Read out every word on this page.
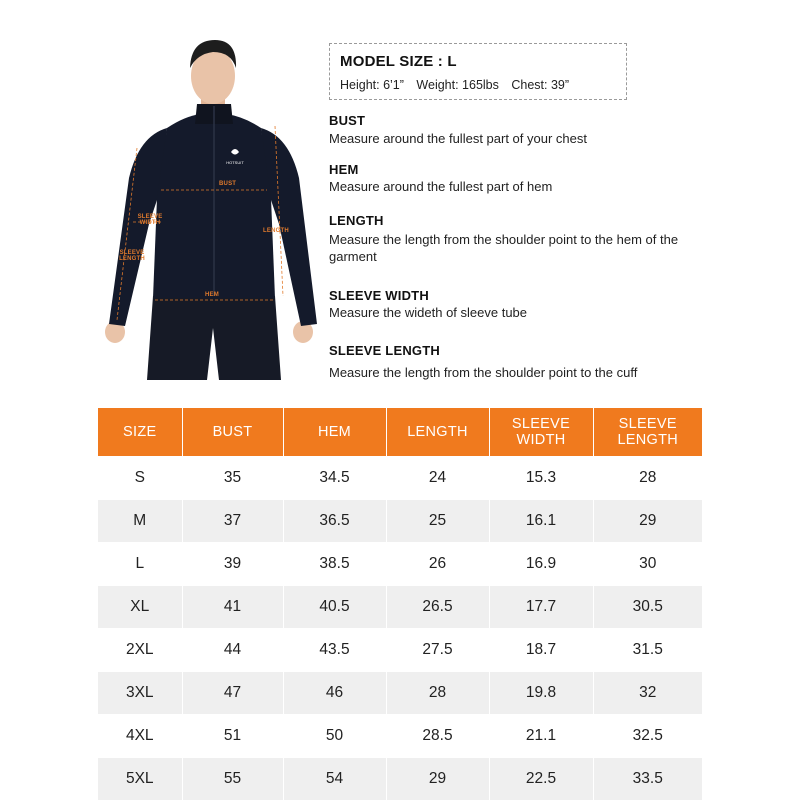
HOTSUIT
BUST
SLEEVE
WIDTH
LENGTH
SLEEVE
LENGTH
HEM
MODEL SIZE : L
Height: 6’1” Weight: 165lbs Chest: 39”
BUST
Measure around the fullest part of your chest
HEM
Measure around the fullest part of hem
LENGTH
Measure the length from the shoulder point to the hem of the garment
SLEEVE WIDTH
Measure the wideth of sleeve tube
SLEEVE LENGTH
Measure the length from the shoulder point to the cuff
SIZE	BUST	HEM	LENGTH	SLEEVE WIDTH	SLEEVE LENGTH
S	35	34.5	24	15.3	28
M	37	36.5	25	16.1	29
L	39	38.5	26	16.9	30
XL	41	40.5	26.5	17.7	30.5
2XL	44	43.5	27.5	18.7	31.5
3XL	47	46	28	19.8	32
4XL	51	50	28.5	21.1	32.5
5XL	55	54	29	22.5	33.5
